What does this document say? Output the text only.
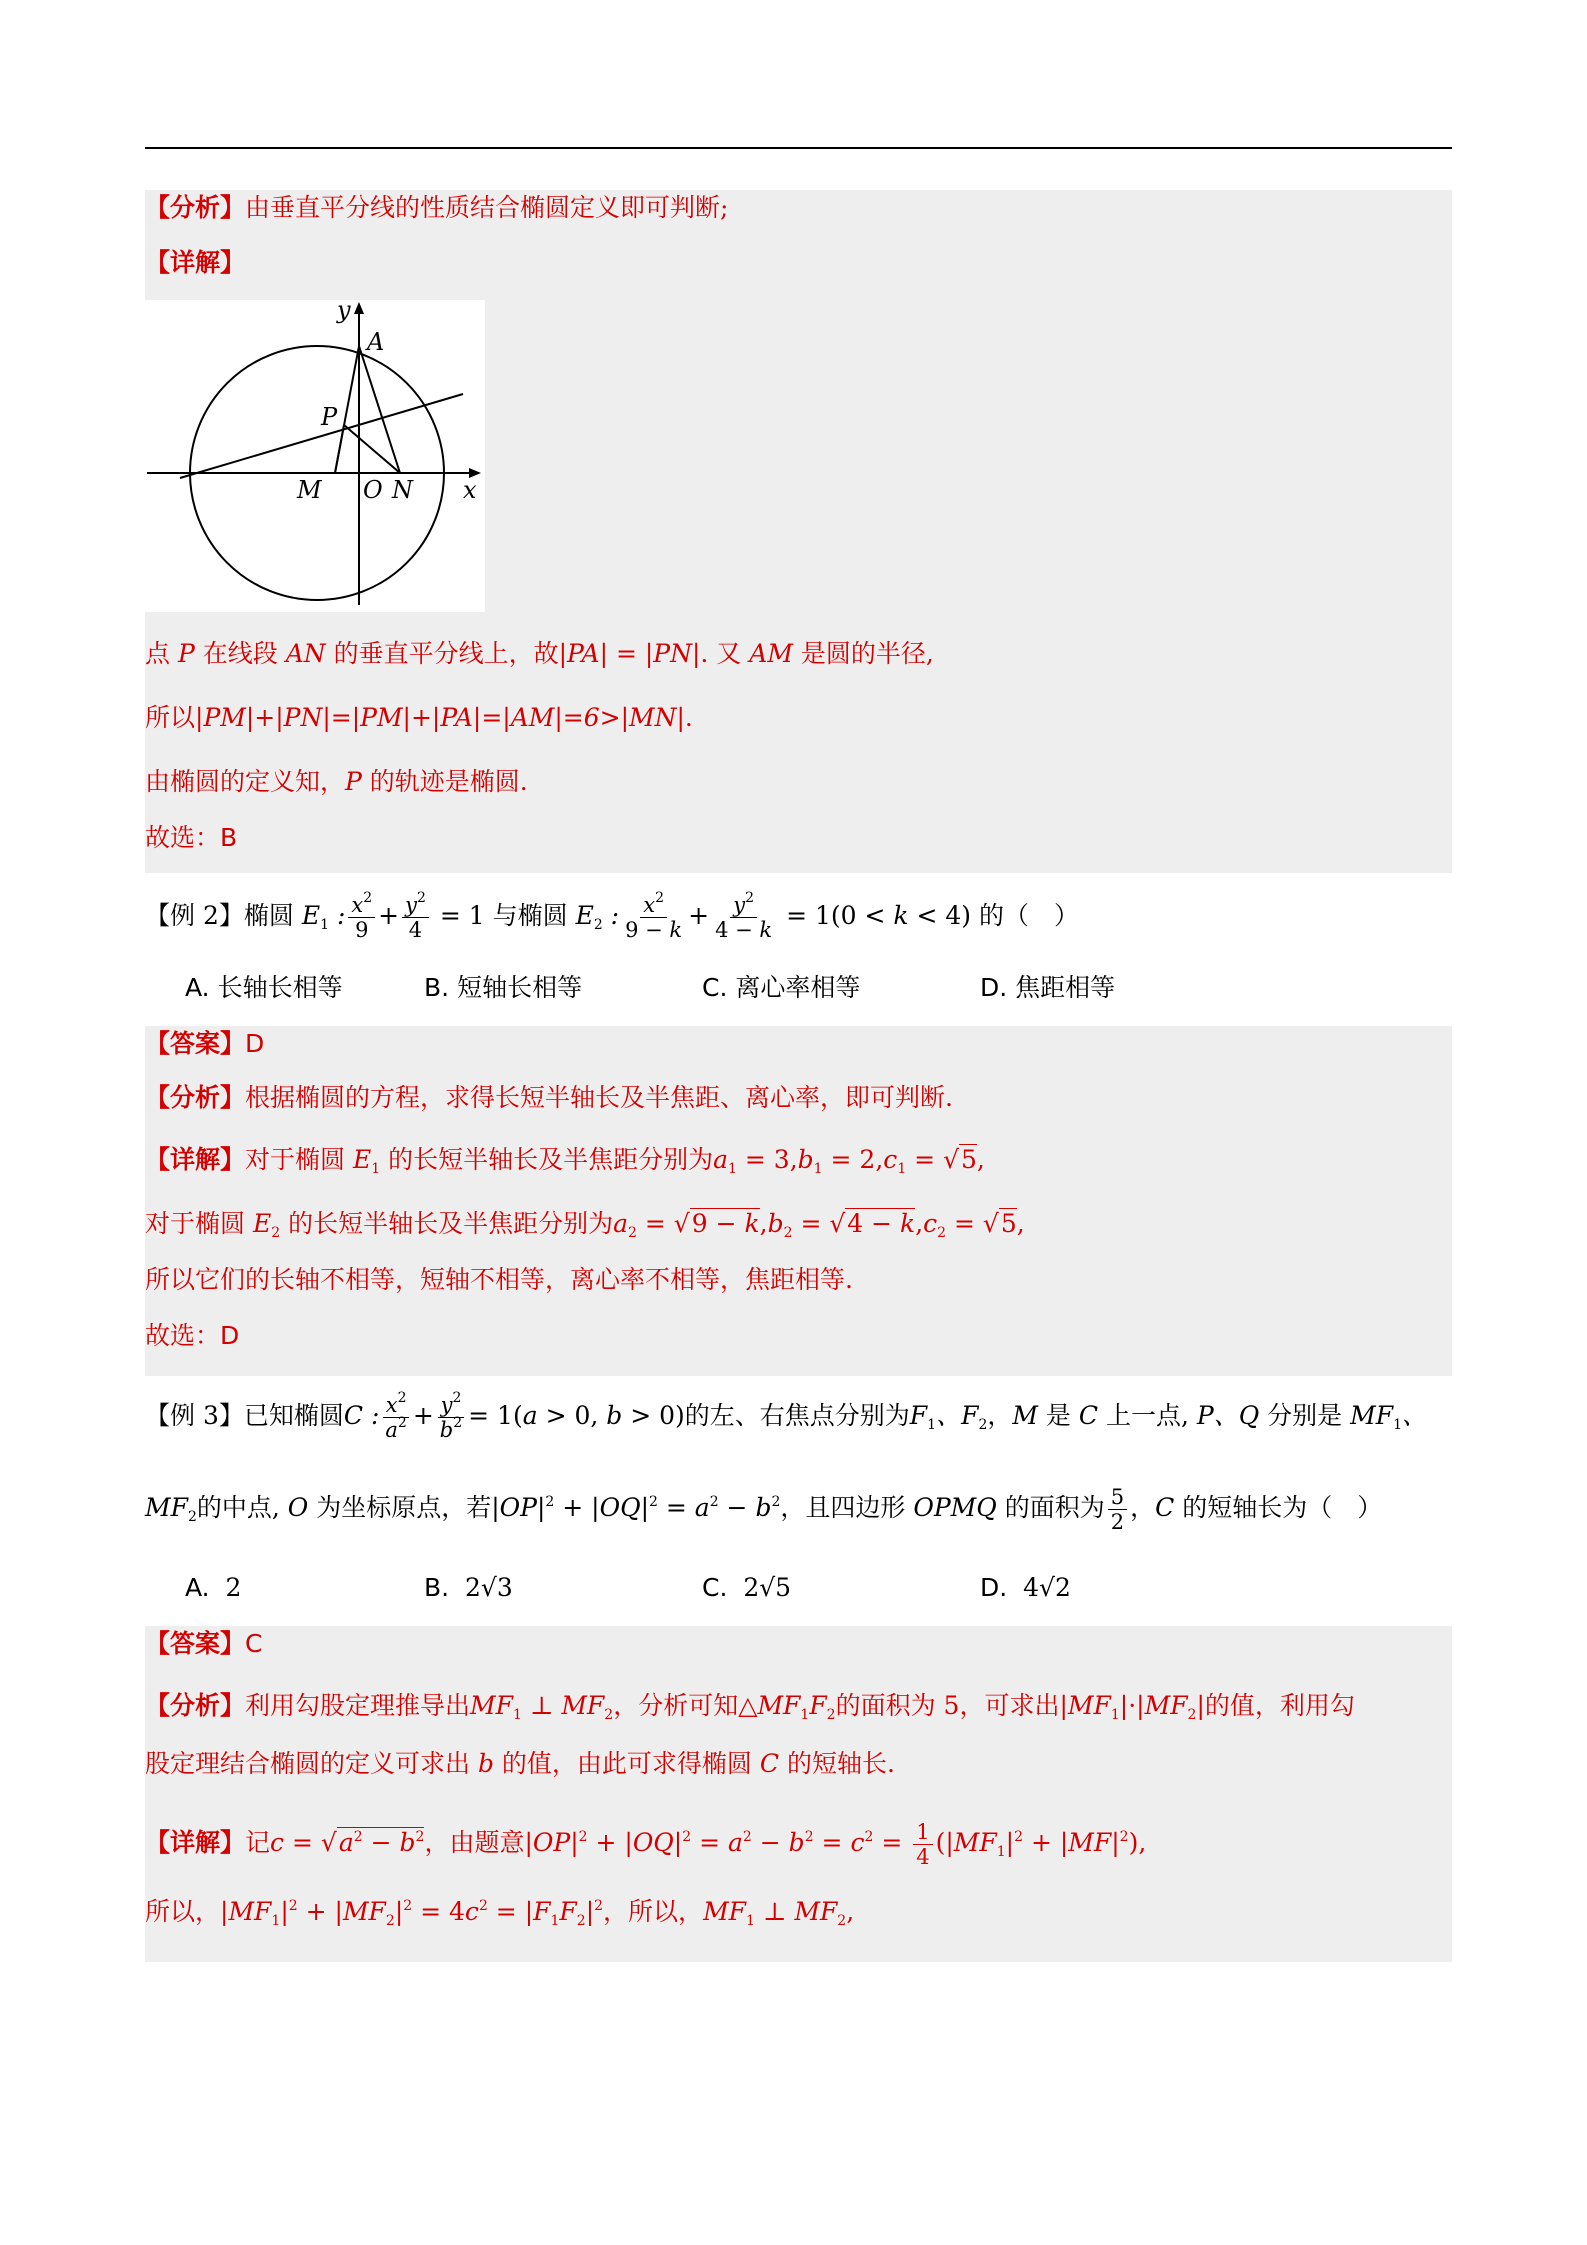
【分析】由垂直平分线的性质结合椭圆定义即可判断;
【详解】
y
A
P
M O N x
点 P 在线段 AN 的垂直平分线上，故|PA| = |PN|. 又 AM 是圆的半径,
所以|PM|+|PN|=|PM|+|PA|=|AM|=6>|MN|.
由椭圆的定义知，P 的轨迹是椭圆.
故选：B
【例 2】椭圆 $E_1$ : $\frac{x^2}{9} + \frac{y^2}{4} = 1$ 与椭圆 $E_2$ : $\frac{x^2}{9 - k} + \frac{y^2}{4 - k} = 1(0 < k < 4)$ 的（　）
A. 长轴长相等	B. 短轴长相等	C. 离心率相等	D. 焦距相等
【答案】D
【分析】根据椭圆的方程，求得长短半轴长及半焦距、离心率，即可判断.
【详解】对于椭圆 $E_1$ 的长短半轴长及半焦距分别为$a_1 = 3,b_1 = 2,c_1 = √5$,
对于椭圆 $E_2$ 的长短半轴长及半焦距分别为$a_2 = √9 - k,b_2 = √4 - k,c_2 = √5$,
所以它们的长轴不相等，短轴不相等，离心率不相等，焦距相等.
故选：D
【例 3】已知椭圆C : $\frac{x^2}{a^2} + \frac{y^2}{b^2} = 1(a > 0$, b > 0)的左、右焦点分别为$F_1$、$F_2$，M 是 C 上一点, P、Q 分别是 $MF_1$、
$MF_2$的中点, O 为坐标原点，若$|OP|^2 + |OQ|^2 = a^2 - b^2$，且四边形 OPMQ 的面积为 $\frac{5}{2}$ ，C 的短轴长为（　）
A. 2	B. 2√3	C. 2√5	D. 4√2
【答案】C
【分析】利用勾股定理推导出$MF_1$ ⊥ $MF_2$，分析可知$\triangle MF_1F_2$的面积为 5，可求出$|MF_1|\cdot|MF_2|$的值，利用勾
股定理结合椭圆的定义可求出 b 的值，由此可求得椭圆 C 的短轴长.
【详解】记$c = √a^2 - b^2$，由题意$|OP|^2 + |OQ|^2 = a^2 - b^2 = c^2 = \frac{1}{4} (|MF_1|^2 + |MF|^2)$,
所以，$|MF_1|^2 + |MF_2|^2 = 4c^2 = |F_1F_2|^2$，所以，$MF_1$ ⊥ $MF_2$,
